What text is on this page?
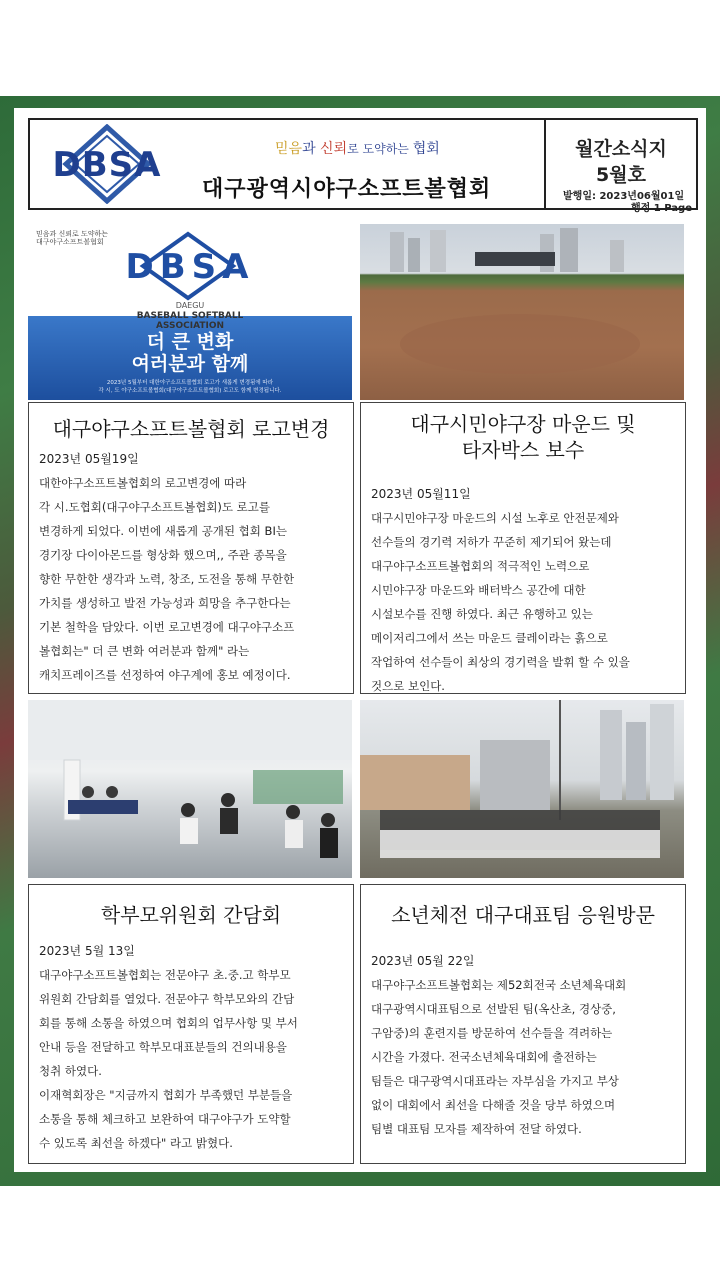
DBSA	믿음과 신뢰로 도약하는 협회
대구광역시야구소프트볼협회
월간소식지
5월호
발행일: 2023년06월01일
행정 1 Page
믿음과 신뢰로 도약하는
대구야구소프트볼협회
DBSA
DAEGU
BASEBALL SOFTBALL
ASSOCIATION
더 큰 변화
여러분과 함께
2023년 5월부터 대한야구소프트볼협회 로고가 새롭게 변경됨에 따라
각 시, 도 야구소프트볼협회(대구야구소프트볼협회) 로고도 함께 변경됩니다.
대구야구소프트볼협회 로고변경
2023년 05월19일

대한야구소프트볼협회의 로고변경에 따라

각 시.도협회(대구야구소프트볼협회)도 로고를

변경하게 되었다. 이번에 새롭게 공개된 협회 BI는

경기장 다이아몬드를 형상화 했으며,, 주관 종목을

향한 무한한 생각과 노력, 창조, 도전을 통해 무한한

가치를 생성하고 발전 가능성과 희망을 추구한다는

기본 철학을 담았다. 이번 로고변경에 대구야구소프

볼협회는" 더 큰 변화 여러분과 함께" 라는

캐치프레이즈를 선정하여 야구계에 홍보 예정이다.

대구시민야구장 마운드 및
타자박스 보수
2023년 05월11일

대구시민야구장 마운드의 시설 노후로 안전문제와

선수들의 경기력 저하가 꾸준히 제기되어 왔는데

대구야구소프트볼협회의 적극적인 노력으로

시민야구장 마운드와 배터박스 공간에 대한

시설보수를 진행 하였다. 최근 유행하고 있는

메이저리그에서 쓰는 마운드 클레이라는 흙으로

작업하여 선수들이 최상의 경기력을 발휘 할 수 있을

것으로 보인다.

학부모위원회 간담회
2023년 5월 13일

대구야구소프트볼협회는 전문야구 초.중.고 학부모

위원회 간담회를 열었다. 전문야구 학부모와의 간담

회를 통해 소통을 하였으며 협회의 업무사항 및 부서

안내 등을 전달하고 학부모대표분들의 건의내용을

청취 하였다.

이재혁회장은 "지금까지 협회가 부족했던 부분들을

소통을 통해 체크하고 보완하여 대구야구가 도약할

수 있도록 최선을 하겠다" 라고 밝혔다.

소년체전 대구대표팀 응원방문
2023년 05월 22일

대구야구소프트볼협회는 제52회전국 소년체육대회

대구광역시대표팀으로 선발된 팀(옥산초, 경상중,

구암중)의 훈련지를 방문하여 선수들을 격려하는

시간을 가졌다. 전국소년체육대회에 출전하는

팀들은 대구광역시대표라는 자부심을 가지고 부상

없이 대회에서 최선을 다해줄 것을 당부 하였으며

팀별 대표팀 모자를 제작하여 전달 하였다.
